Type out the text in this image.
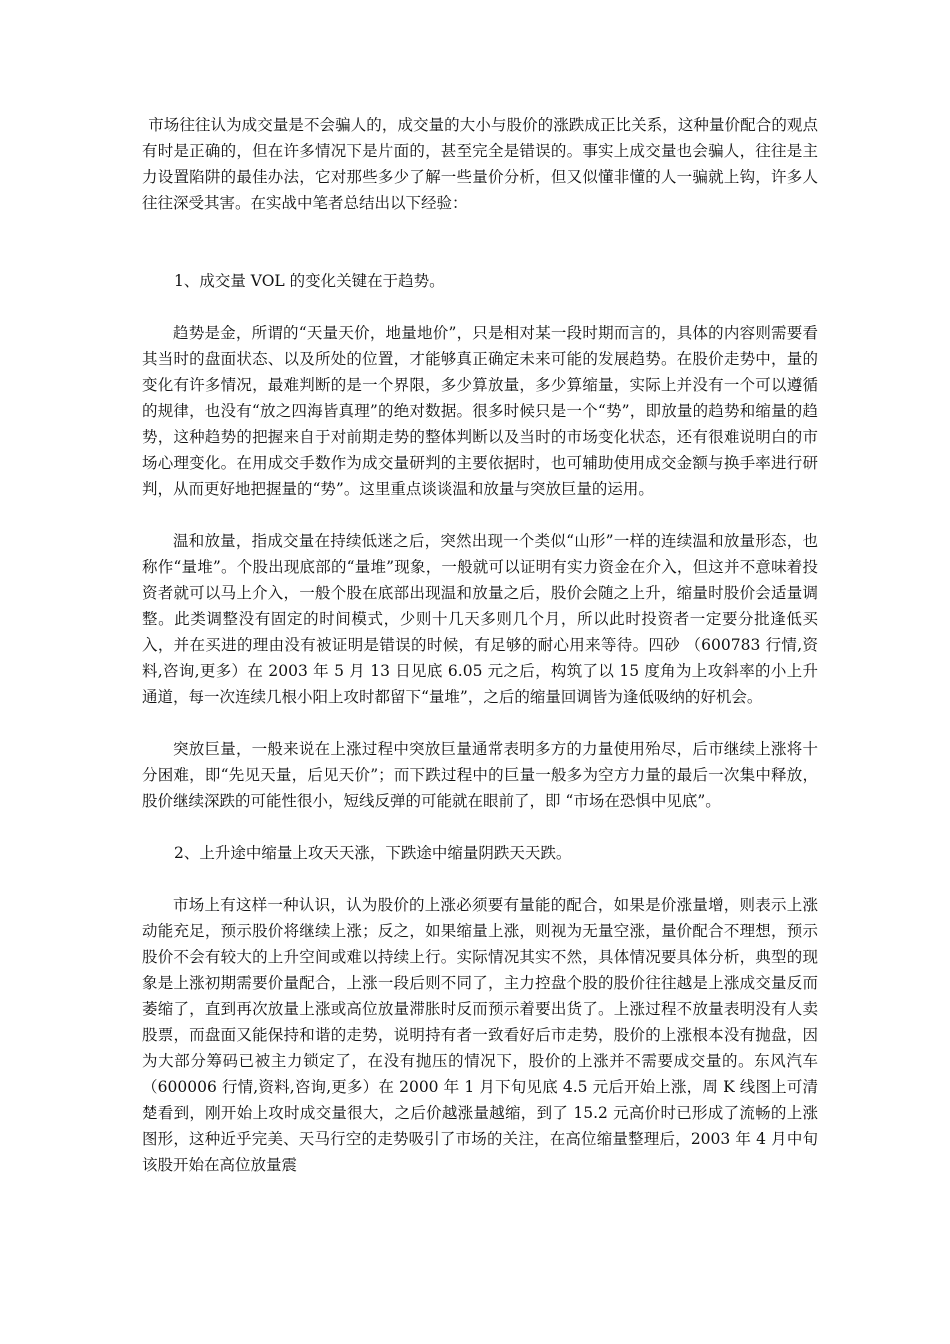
市场往往认为成交量是不会骗人的，成交量的大小与股价的涨跌成正比关系，这种量价配合的观点有时是正确的，但在许多情况下是片面的，甚至完全是错误的。事实上成交量也会骗人，往往是主力设置陷阱的最佳办法，它对那些多少了解一些量价分析，但又似懂非懂的人一骗就上钩，许多人往往深受其害。在实战中笔者总结出以下经验：

1、成交量 VOL 的变化关键在于趋势。

趋势是金，所谓的“天量天价，地量地价”，只是相对某一段时期而言的，具体的内容则需要看其当时的盘面状态、以及所处的位置，才能够真正确定未来可能的发展趋势。在股价走势中，量的变化有许多情况，最难判断的是一个界限，多少算放量，多少算缩量，实际上并没有一个可以遵循的规律，也没有“放之四海皆真理”的绝对数据。很多时候只是一个“势”，即放量的趋势和缩量的趋势，这种趋势的把握来自于对前期走势的整体判断以及当时的市场变化状态，还有很难说明白的市场心理变化。在用成交手数作为成交量研判的主要依据时，也可辅助使用成交金额与换手率进行研判，从而更好地把握量的“势”。这里重点谈谈温和放量与突放巨量的运用。

温和放量，指成交量在持续低迷之后，突然出现一个类似“山形”一样的连续温和放量形态，也称作“量堆”。个股出现底部的“量堆”现象，一般就可以证明有实力资金在介入，但这并不意味着投资者就可以马上介入，一般个股在底部出现温和放量之后，股价会随之上升，缩量时股价会适量调整。此类调整没有固定的时间模式，少则十几天多则几个月，所以此时投资者一定要分批逢低买入，并在买进的理由没有被证明是错误的时候，有足够的耐心用来等待。四砂 （600783 行情,资料,咨询,更多）在 2003 年 5 月 13 日见底 6.05 元之后，构筑了以 15 度角为上攻斜率的小上升通道，每一次连续几根小阳上攻时都留下“量堆”，之后的缩量回调皆为逢低吸纳的好机会。

突放巨量，一般来说在上涨过程中突放巨量通常表明多方的力量使用殆尽，后市继续上涨将十分困难，即“先见天量，后见天价”；而下跌过程中的巨量一般多为空方力量的最后一次集中释放，股价继续深跌的可能性很小，短线反弹的可能就在眼前了，即 “市场在恐惧中见底”。

2、上升途中缩量上攻天天涨，下跌途中缩量阴跌天天跌。

市场上有这样一种认识，认为股价的上涨必须要有量能的配合，如果是价涨量增，则表示上涨动能充足，预示股价将继续上涨；反之，如果缩量上涨，则视为无量空涨，量价配合不理想，预示股价不会有较大的上升空间或难以持续上行。实际情况其实不然，具体情况要具体分析，典型的现象是上涨初期需要价量配合，上涨一段后则不同了，主力控盘个股的股价往往越是上涨成交量反而萎缩了，直到再次放量上涨或高位放量滞胀时反而预示着要出货了。上涨过程不放量表明没有人卖股票，而盘面又能保持和谐的走势，说明持有者一致看好后市走势，股价的上涨根本没有抛盘，因为大部分筹码已被主力锁定了，在没有抛压的情况下，股价的上涨并不需要成交量的。东风汽车 （600006 行情,资料,咨询,更多）在 2000 年 1 月下旬见底 4.5 元后开始上涨，周 K 线图上可清楚看到，刚开始上攻时成交量很大，之后价越涨量越缩，到了 15.2 元高价时已形成了流畅的上涨图形，这种近乎完美、天马行空的走势吸引了市场的关注，在高位缩量整理后，2003 年 4 月中旬该股开始在高位放量震
